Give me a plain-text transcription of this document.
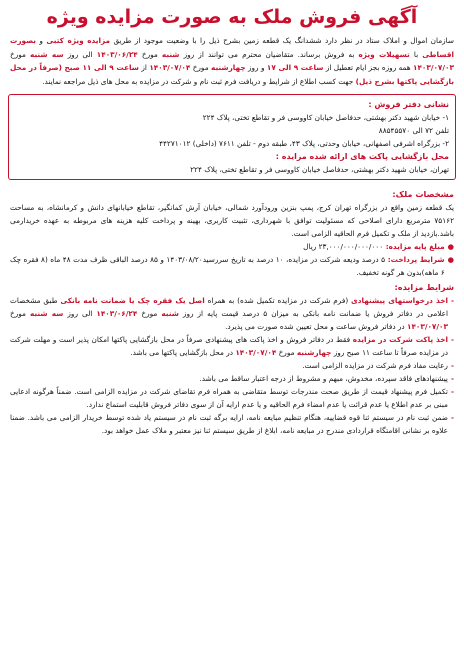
آگهی فروش ملک به صورت مزایده ویژه
سازمان اموال و املاک ستاد در نظر دارد ششدانگ یک قطعه زمین بشرح ذیل را با وضعیت موجود از طریق مزایده ویژه کتبی و بصورت اقساطی با تسهیلات ویژه به فروش برساند. متقاضیان محترم می توانند از روز شنبه مورخ ۱۴۰۳/۰۶/۲۴ الی روز سه شنبه مورخ ۱۴۰۳/۰۷/۰۳ همه روزه بجز ایام تعطیل از ساعت ۹ الی ۱۷ و روز چهارشنبه مورخ ۱۴۰۳/۰۷/۰۴ از ساعت ۹ الی ۱۱ صبح (صرفاً در محل بازگشایی پاکتها بشرح ذیل) جهت کسب اطلاع از شرایط و دریافت فرم ثبت نام و شرکت در مزایده به محل های ذیل مراجعه نمایند.
نشانی دفتر فروش :
۱- خیابان شهید دکتر بهشتی، حدفاصل خیابان کاووسی فر و تقاطع تختی، پلاک ۲۲۴
تلفن ۷۲ الی ۸۸۵۴۵۵۷۰
۲- بزرگراه اشرفی اصفهانی، خیابان وحدتی، پلاک ۴۳، طبقه دوم - تلفن ۷۶۱۱ (داخلی) ۴۴۲۷۱۰۱۲
محل بازگشایی پاکت های ارائه شده مزایده :
تهران، خیابان شهید دکتر بهشتی، حدفاصل خیابان کاووسی فر و تقاطع تختی، پلاک ۲۲۴
مشخصات ملک:
یک قطعه زمین واقع در بزرگراه تهران کرج، پمپ بنزین ورودآورد شمالی، خیابان آرش کمانگیر، تقاطع خیابانهای دانش و کرمانشاه، به مساحت ۷۵۱۶۲ مترمربع دارای اصلاحی که مسئولیت توافق با شهرداری، تثبیت کاربری، بهینه و پرداخت کلیه هزینه های مربوطه به عهده خریدارمی باشد.بازدید از ملک و تکمیل فرم الحاقیه الزامی است.
●
مبلغ پایه مزایده: ۲۳,۰۰۰/۰۰۰/۰۰۰/۰۰۰ ریال
●
شرایط پرداخت: ۵ درصد ودیعه شرکت در مزایده، ۱۰ درصد به تاریخ سررسید۱۴۰۳/۰۸/۲۰ و ۸۵ درصد الباقی ظرف مدت ۴۸ ماه (۸ فقره چک ۶ ماهه)بدون هر گونه تخفیف.
شرایط مزایده:
-
اخذ درخواستهای پیشنهادی (فرم شرکت در مزایده تکمیل شده) به همراه اصل یک فقره چک یا ضمانت نامه بانکی طبق مشخصات اعلامی در دفاتر فروش یا ضمانت نامه بانکی به میزان ۵ درصد قیمت پایه از روز شنبه مورخ ۱۴۰۳/۰۶/۲۴ الی روز سه شنبه مورخ ۱۴۰۳/۰۷/۰۳ در دفاتر فروش ساعت و محل تعیین شده صورت می پذیرد.
-
اخذ پاکت شرکت در مزایده فقط در دفاتر فروش و اخذ پاکت های پیشنهادی صرفاً در محل بازگشایی پاکتها امکان پذیر است و مهلت شرکت در مزایده صرفاً تا ساعت ۱۱ صبح روز چهارشنبه مورخ ۱۴۰۳/۰۷/۰۴ در محل بازگشایی پاکتها می باشد.
-
رعایت مفاد فرم شرکت در مزایده الزامی است.
-
پیشنهادهای فاقد سپرده، مخدوش، مبهم و مشروط از درجه اعتبار ساقط می باشد.
-
تکمیل فرم پیشنهاد قیمت از طریق صحت مندرجات توسط متقاضی به همراه فرم تقاضای شرکت در مزایده الزامی است. ضمناً هرگونه ادعایی مبنی بر عدم اطلاع یا عدم قرائت یا عدم امضاء فرم الحاقیه و یا عدم ارایه آن از سوی دفاتر فروش قابلیت استماع ندارد.
-
ضمن ثبت نام در سیستم ثنا قوه قضاییه، هنگام تنظیم مبایعه نامه، ارایه برگه ثبت نام در سیستم یاد شده توسط خریدار الزامی می باشد. ضمنا علاوه بر نشانی اقامتگاه قراردادی مندرج در مبایعه نامه، ابلاغ از طریق سیستم ثنا نیز معتبر و ملاک عمل خواهد بود.
